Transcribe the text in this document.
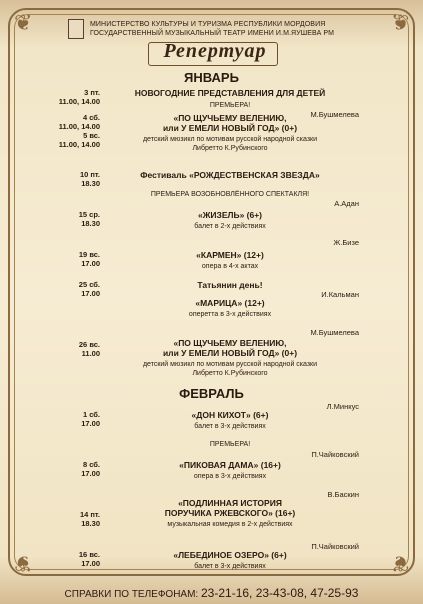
❦	❦
❦	❦
МИНИСТЕРСТВО КУЛЬТУРЫ И ТУРИЗМА РЕСПУБЛИКИ МОРДОВИЯ
ГОСУДАРСТВЕННЫЙ МУЗЫКАЛЬНЫЙ ТЕАТР ИМЕНИ И.М.ЯУШЕВА РМ
Репертуар
ЯНВАРЬ
3 пт.
11.00, 14.00
НОВОГОДНИЕ ПРЕДСТАВЛЕНИЯ ДЛЯ ДЕТЕЙ
ПРЕМЬЕРА!
М.Бушмелева
4 сб.
11.00, 14.00
5 вс.
11.00, 14.00
«ПО ЩУЧЬЕМУ ВЕЛЕНИЮ,
или У ЕМЕЛИ НОВЫЙ ГОД» (0+)
детский мюзикл по мотивам русской народной сказки
Либретто К.Рубинского
10 пт.
18.30
Фестиваль «РОЖДЕСТВЕНСКАЯ ЗВЕЗДА»
ПРЕМЬЕРА ВОЗОБНОВЛЁННОГО СПЕКТАКЛЯ!
А.Адан
15 ср.
18.30
«ЖИЗЕЛЬ» (6+)
балет в 2-х действиях
Ж.Бизе
19 вс.
17.00
«КАРМЕН» (12+)
опера в 4-х актах
25 сб.
17.00
Татьянин день!
И.Кальман
«МАРИЦА» (12+)
оперетта в 3-х действиях
М.Бушмелева
26 вс.
11.00
«ПО ЩУЧЬЕМУ ВЕЛЕНИЮ,
или У ЕМЕЛИ НОВЫЙ ГОД» (0+)
детский мюзикл по мотивам русской народной сказки
Либретто К.Рубинского
ФЕВРАЛЬ
Л.Минкус
1 сб.
17.00
«ДОН КИХОТ» (6+)
балет в 3-х действиях
ПРЕМЬЕРА!
П.Чайковский
8 сб.
17.00
«ПИКОВАЯ ДАМА» (16+)
опера в 3-х действиях
В.Баскин
14 пт.
18.30
«ПОДЛИННАЯ ИСТОРИЯ
ПОРУЧИКА РЖЕВСКОГО» (16+)
музыкальная комедия в 2-х действиях
П.Чайковский
16 вс.
17.00
«ЛЕБЕДИНОЕ ОЗЕРО» (6+)
балет в 3-х действиях
СПРАВКИ ПО ТЕЛЕФОНАМ: 23-21-16, 23-43-08, 47-25-93
